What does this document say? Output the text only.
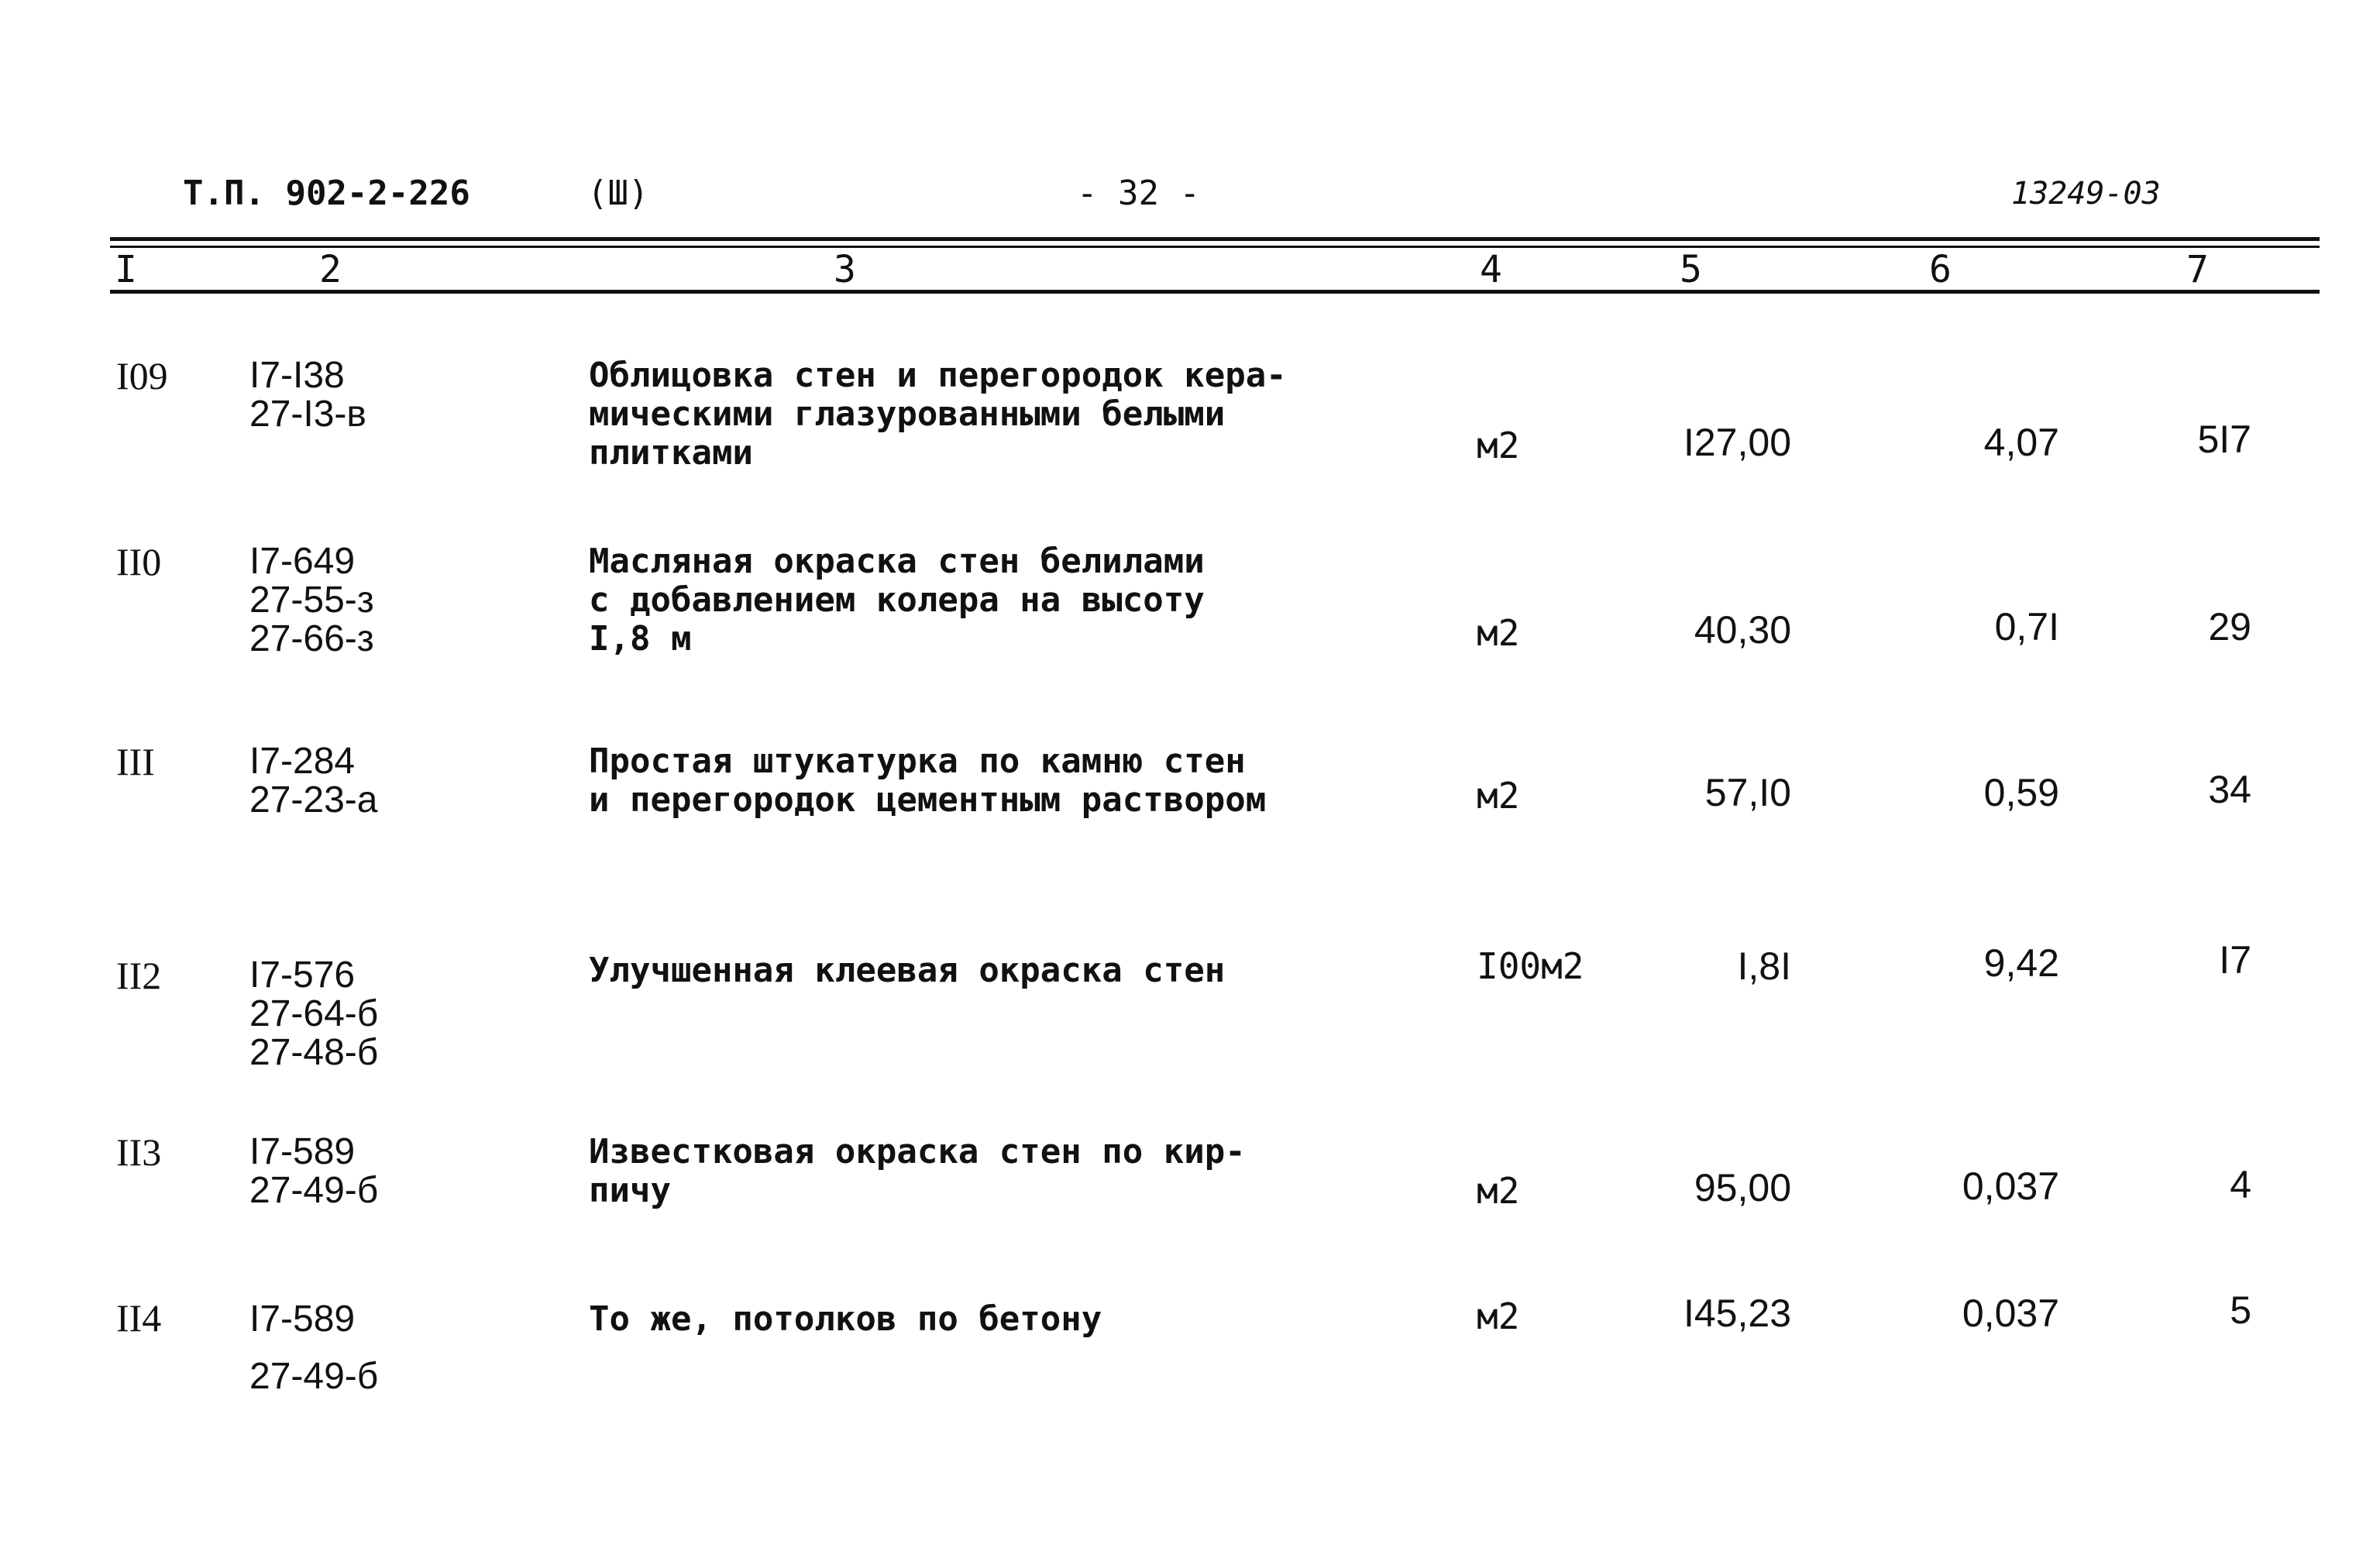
Т.П. 902-2-226	(Ш)	- 32 -	13249-03
I	2	3	4	5	6	7
I09 I7-I38
27-I3-в
Облицовка стен и перегородок кера-
мическими глазурованными белыми
плитками	м2	I27,00	4,07	5I7
II0 I7-649
27-55-з
27-66-з
Масляная окраска стен белилами
с добавлением колера на высоту
I,8 м	м2	40,30	0,7I	29
III	I7-284
27-23-а
Простая штукатурка по камню стен
и перегородок цементным раствором	м2	57,I0	0,59	34
II2 I7-576
27-64-б
27-48-б
Улучшенная клеевая окраска стен	I00м2	I,8I	9,42	I7
II3 I7-589
27-49-б
Известковая окраска стен по кир-
пичу	м2	95,00	0,037	4
II4 I7-589
27-49-б
То же, потолков по бетону	м2	I45,23	0,037	5
